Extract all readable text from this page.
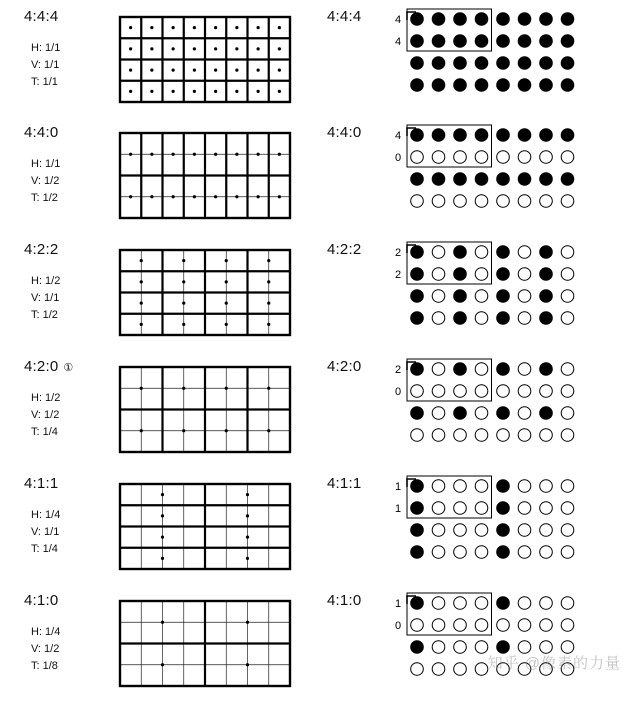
4:4:4
H: 1/1
V: 1/1
T: 1/1
4:4:4	4
4
4:4:0
H: 1/1
V: 1/2
T: 1/2
4:4:0	4
0
4:2:2
H: 1/2
V: 1/1
T: 1/2
4:2:2	2
2
4:2:0 ①
H: 1/2
V: 1/2
T: 1/4
4:2:0	2
0
4:1:1
H: 1/4
V: 1/1
T: 1/4
4:1:1	1
1
4:1:0
H: 1/4
V: 1/2
T: 1/8
4:1:0	1
0
知乎 @像素的力量
